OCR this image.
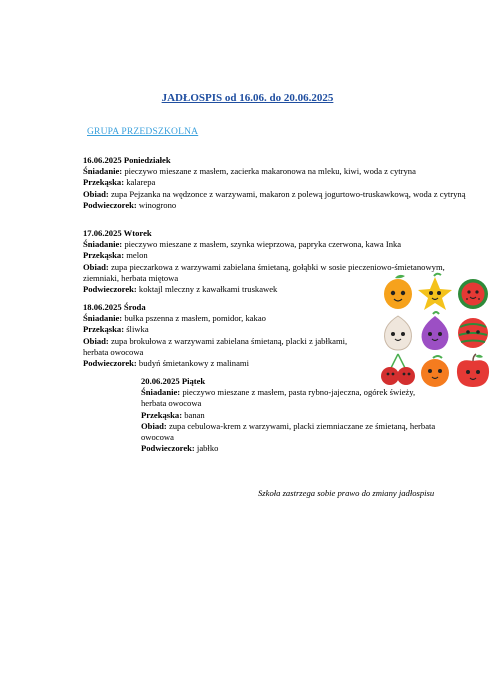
JADŁOSPIS od 16.06. do 20.06.2025
GRUPA PRZEDSZKOLNA

16.06.2025 Poniedziałek

Śniadanie: pieczywo mieszane z masłem, zacierka makaronowa na mleku, kiwi, woda z cytryna

Przekąska: kalarepa

Obiad: zupa Pejzanka na wędzonce z warzywami, makaron z polewą jogurtowo-truskawkową, woda z cytryną

Podwieczorek: winogrono

17.06.2025 Wtorek

Śniadanie: pieczywo mieszane z masłem, szynka wieprzowa, papryka czerwona, kawa Inka

Przekąska: melon

Obiad: zupa pieczarkowa z warzywami zabielana śmietaną, gołąbki w sosie pieczeniowo-śmietanowym, ziemniaki, herbata miętowa

Podwieczorek: koktajl mleczny z kawałkami truskawek

18.06.2025 Środa

Śniadanie: bułka pszenna z masłem, pomidor, kakao

Przekąska: śliwka

Obiad: zupa brokułowa z warzywami zabielana śmietaną, placki z jabłkami, herbata owocowa

Podwieczorek: budyń śmietankowy z malinami

20.06.2025 Piątek

Śniadanie: pieczywo mieszane z masłem, pasta rybno-jajeczna, ogórek świeży, herbata owocowa

Przekąska: banan

Obiad: zupa cebulowa-krem z warzywami, placki ziemniaczane ze śmietaną, herbata owocowa

Podwieczorek: jabłko

Szkoła zastrzega sobie prawo do zmiany jadłospisu
